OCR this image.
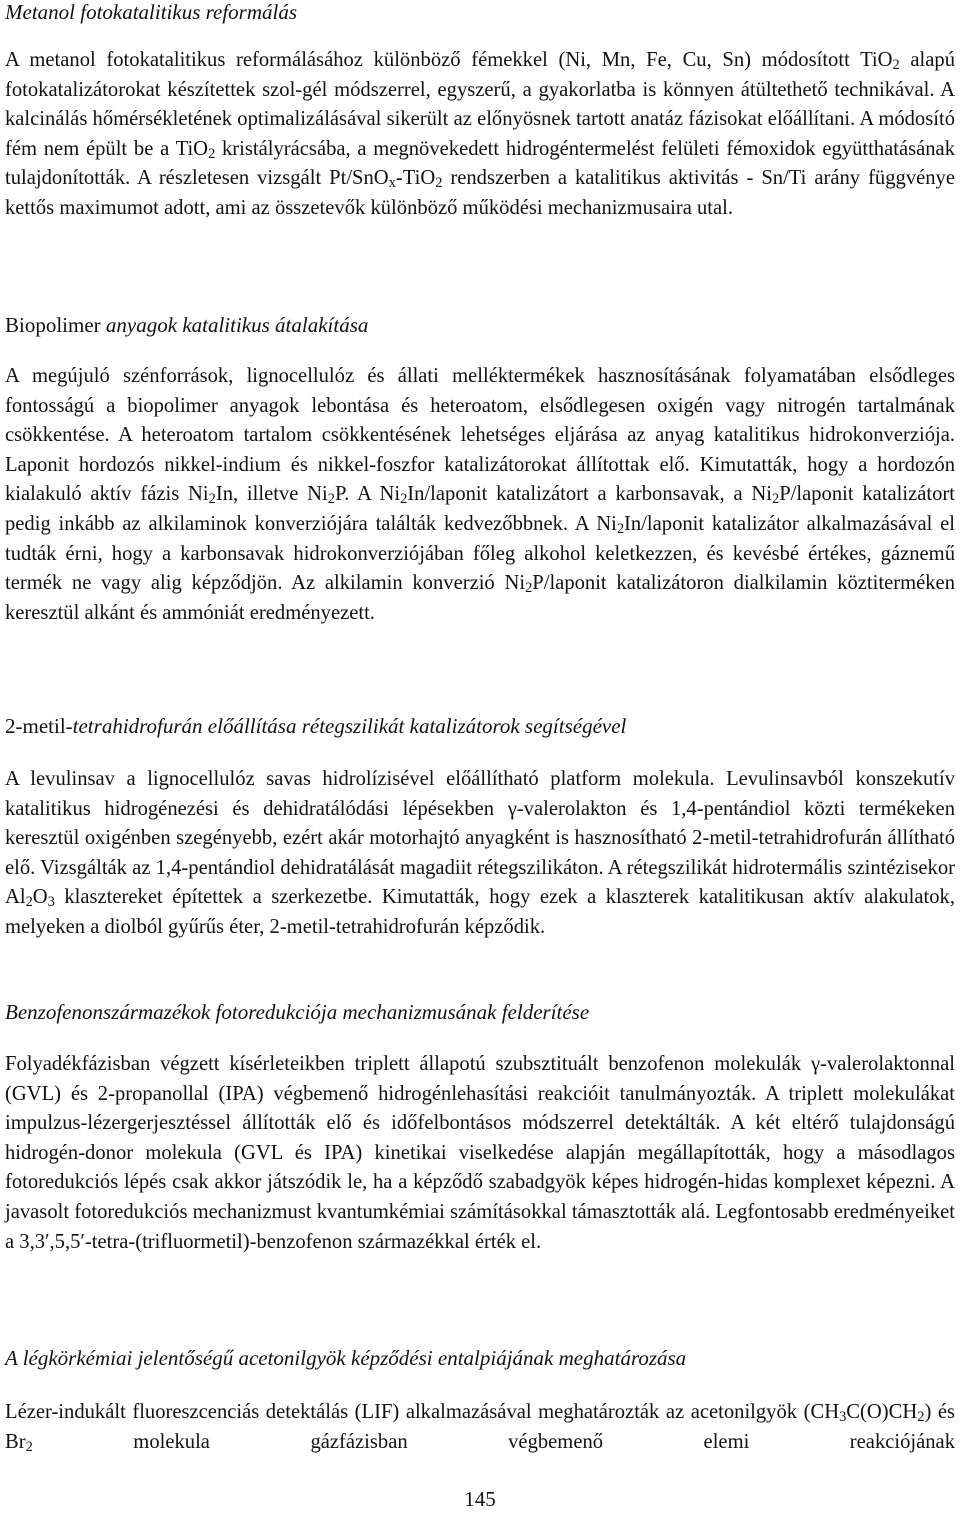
Metanol fotokatalitikus reformálás

A metanol fotokatalitikus reformálásához különböző fémekkel (Ni, Mn, Fe, Cu, Sn) módosított TiO$_2$ alapú fotokatalizátorokat készítettek szol-gél módszerrel, egyszerű, a gyakorlatba is könnyen átültethető technikával. A kalcinálás hőmérsékletének optimalizálásával sikerült az előnyösnek tartott anatáz fázisokat előállítani. A módosító fém nem épült be a TiO$_2$ kristályrácsába, a megnövekedett hidrogéntermelést felületi fémoxidok együtthatásának tulajdonították. A részletesen vizsgált Pt/SnO$_x$-TiO$_2$ rendszerben a katalitikus aktivitás - Sn/Ti arány függvénye kettős maximumot adott, ami az összetevők különböző működési mechanizmusaira utal.

Biopolimer anyagok katalitikus átalakítása

A megújuló szénforrások, lignocellulóz és állati melléktermékek hasznosításának folyamatában elsődleges fontosságú a biopolimer anyagok lebontása és heteroatom, elsődlegesen oxigén vagy nitrogén tartalmának csökkentése. A heteroatom tartalom csökkentésének lehetséges eljárása az anyag katalitikus hidrokonverziója. Laponit hordozós nikkel-indium és nikkel-foszfor katalizátorokat állítottak elő. Kimutatták, hogy a hordozón kialakuló aktív fázis $Ni_2In$, illetve $Ni_2P$. A $Ni_2In$/laponit katalizátort a karbonsavak, a $Ni_2P$/laponit katalizátort pedig inkább az alkilaminok konverziójára találták kedvezőbbnek. A $Ni_2In$/laponit katalizátor alkalmazásával el tudták érni, hogy a karbonsavak hidrokonverziójában főleg alkohol keletkezzen, és kevésbé értékes, gáznemű termék ne vagy alig képződjön. Az alkilamin konverzió $Ni_2P$/laponit katalizátoron dialkilamin köztiterméken keresztül alkánt és ammóniát eredményezett.

2-metil-tetrahidrofurán előállítása rétegszilikát katalizátorok segítségével

A levulinsav a lignocellulóz savas hidrolízisével előállítható platform molekula. Levulinsavból konszekutív katalitikus hidrogénezési és dehidratálódási lépésekben γ-valerolakton és 1,4-pentándiol közti termékeken keresztül oxigénben szegényebb, ezért akár motorhajtó anyagként is hasznosítható 2-metil-tetrahidrofurán állítható elő. Vizsgálták az 1,4-pentándiol dehidratálását magadiit rétegszilikáton. A rétegszilikát hidrotermális szintézisekor $Al_2O_3$ klasztereket építettek a szerkezetbe. Kimutatták, hogy ezek a klaszterek katalitikusan aktív alakulatok, melyeken a diolból gyűrűs éter, 2-metil-tetrahidrofurán képződik.

Benzofenonszármazékok fotoredukciója mechanizmusának felderítése

Folyadékfázisban végzett kísérleteikben triplett állapotú szubsztituált benzofenon molekulák γ-valerolaktonnal (GVL) és 2-propanollal (IPA) végbemenő hidrogénlehasítási reakcióit tanulmányozták. A triplett molekulákat impulzus-lézergerjesztéssel állították elő és időfelbontásos módszerrel detektálták. A két eltérő tulajdonságú hidrogén-donor molekula (GVL és IPA) kinetikai viselkedése alapján megállapították, hogy a másodlagos fotoredukciós lépés csak akkor játszódik le, ha a képződő szabadgyök képes hidrogén-hidas komplexet képezni. A javasolt fotoredukciós mechanizmust kvantumkémiai számításokkal támasztották alá. Legfontosabb eredményeiket a 3,3′,5,5′-tetra-(trifluormetil)-benzofenon származékkal érték el.

A légkörkémiai jelentőségű acetonilgyök képződési entalpiájának meghatározása

Lézer-indukált fluoreszcenciás detektálás (LIF) alkalmazásával meghatározták az acetonilgyök $(CH_3C(O)CH_2)$ és $Br_2$ molekula gázfázisban végbemenő elemi reakciójának

145
